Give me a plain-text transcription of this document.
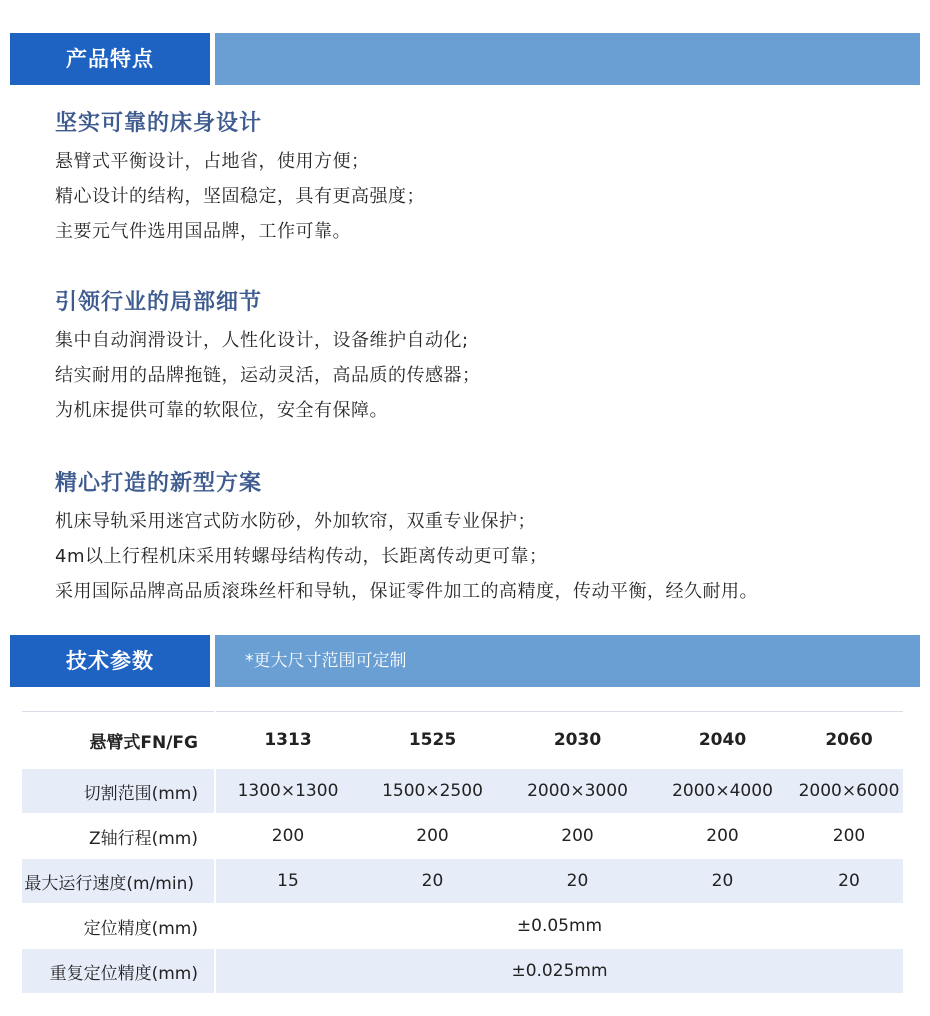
产品特点
坚实可靠的床身设计

悬臂式平衡设计，占地省，使用方便；

精心设计的结构，坚固稳定，具有更高强度；

主要元气件选用国品牌，工作可靠。

引领行业的局部细节

集中自动润滑设计，人性化设计，设备维护自动化;

结实耐用的品牌拖链，运动灵活，高品质的传感器；

为机床提供可靠的软限位，安全有保障。

精心打造的新型方案

机床导轨采用迷宫式防水防砂，外加软帘，双重专业保护；

4m以上行程机床采用转螺母结构传动，长距离传动更可靠；

采用国际品牌高品质滚珠丝杆和导轨，保证零件加工的高精度，传动平衡，经久耐用。

技术参数	*更大尺寸范围可定制
悬臂式FN/FG	1313	1525	2030	2040	2060
切割范围(mm)	1300×1300	1500×2500	2000×3000	2000×4000	2000×6000
Z轴行程(mm)	200	200	200	200	200
最大运行速度(m/min)	15	20	20	20	20
定位精度(mm)	±0.05mm				
重复定位精度(mm)	±0.025mm				
